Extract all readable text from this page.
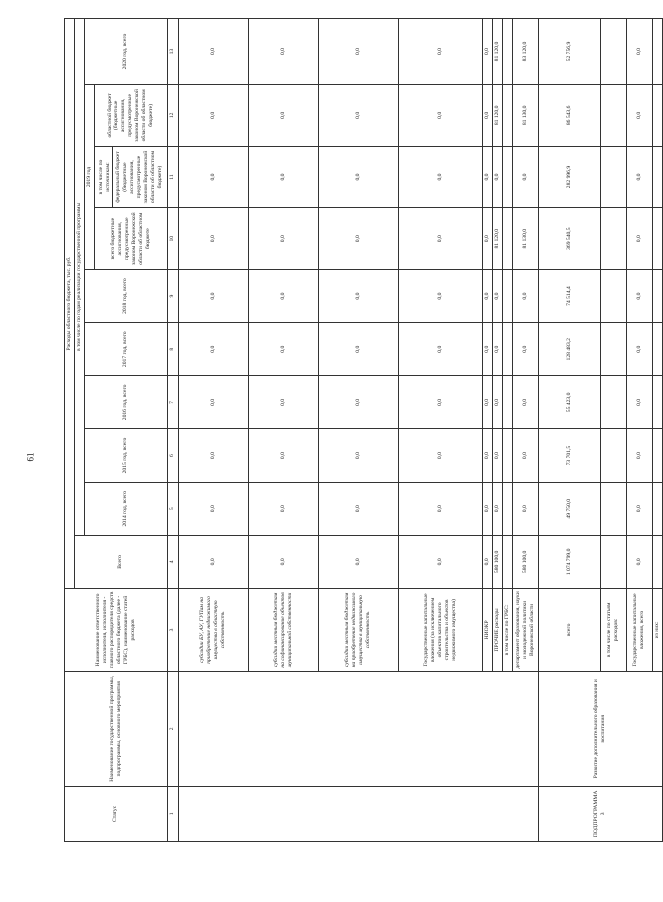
61
Статус	Наименование государственной программы, подпрограммы, основного мероприятия	Наименование ответственного исполнителя, исполнителя - главного распорядителя средств областного бюджета (далее - ГРБС), наименование статей расходов	Расходы областного бюджета, тыс. руб.									
			Всего	в том числе по годам реализации государственной программы								
				2014 год, всего	2015 год, всего	2016 год, всего	2017 год, всего	2018 год, всего	2019 год			2020 год, всего
									всего бюджетные ассигнования, предусмотренные законом Воронежской области об областном бюджете	в том числе по источникам: федеральный бюджет (бюджетные ассигнования, предусмотренные законом Воронежской области об областном бюджете)	областной бюджет (бюджетные ассигнования, предусмотренные законом Воронежской области об областном бюджете)	
1	2	3	4	5	6	7	8	9	10	11	12	13
		субсидии БУ, АУ, ГУПам на приобретение недвижимого имущества в областную собственность	0,0	0,0	0,0	0,0	0,0	0,0	0,0	0,0	0,0	0,0
		субсидии местным бюджетам на софинансирование объектов муниципальной собственности	0,0	0,0	0,0	0,0	0,0	0,0	0,0	0,0	0,0	0,0
		субсидии местным бюджетам на приобретение недвижимого имущества в муниципальную собственность	0,0	0,0	0,0	0,0	0,0	0,0	0,0	0,0	0,0	0,0
		Государственные капитальные вложения (за исключением объектов капитального строительства и объектов недвижимого имущества)	0,0	0,0	0,0	0,0	0,0	0,0	0,0	0,0	0,0	0,0
		НИОКР	0,0	0,0	0,0	0,0	0,0	0,0	0,0	0,0	0,0	0,0
		ПРОЧИЕ расходы	580 100,0	0,0	0,0	0,0	0,0	0,0	81 120,0	0,0	81 120,0	81 120,0
		в том числе по ГРБС:										
		департамент образования, науки и молодежной политики Воронежской области	580 100,0	0,0	0,0	0,0	0,0	0,0	81 130,0	0,0	81 130,0	83 120,0
ПОДПРОГРАММА 3	Развитие дополнительного образования и воспитания	всего	1 074 799,0	49 750,0	73 701,5	55 423,0	128 483,2	74 514,4	369 540,5	282 996,9	86 543,6	52 756,9
		в том числе по статьям расходов:										
		Государственные капитальные вложения, всего	0,0	0,0	0,0	0,0	0,0	0,0	0,0	0,0	0,0	0,0
		из них:										
